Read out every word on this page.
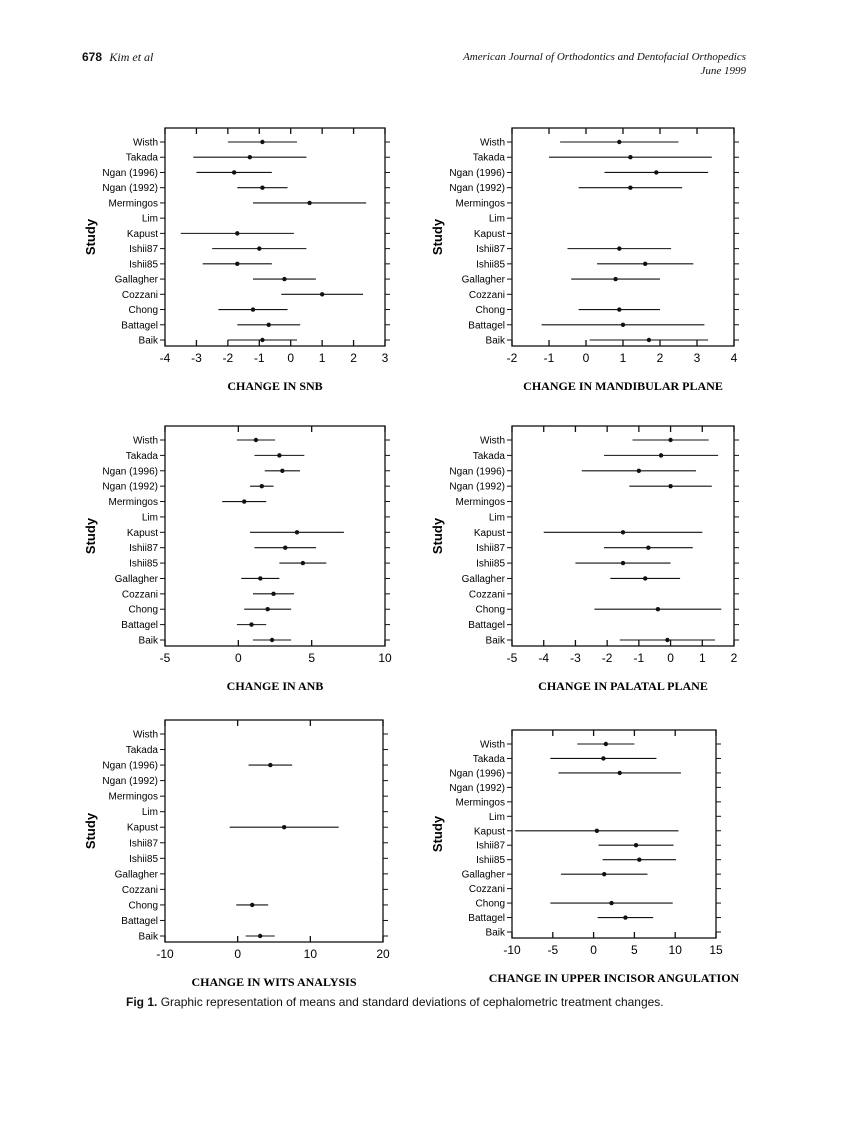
678 Kim et al	American Journal of Orthodontics and Dentofacial Orthopedics
June 1999
-4 -3 -2 -1 0 1 2 3
Wisth
Takada
Ngan (1996)
Ngan (1992)
Mermingos
Lim
Kapust
Ishii87
Ishii85
Gallagher
Cozzani
Chong
Battagel
Baik
Study
CHANGE IN SNB
-2 -1 0	1	2	3	4
Wisth
Takada
Ngan (1996)
Ngan (1992)
Mermingos
Lim
Kapust
Ishii87
Ishii85
Gallagher
Cozzani
Chong
Battagel
Baik
Study
CHANGE IN MANDIBULAR PLANE
-5	0	5	10
Wisth
Takada
Ngan (1996)
Ngan (1992)
Mermingos
Lim
Kapust
Ishii87
Ishii85
Gallagher
Cozzani
Chong
Battagel
Baik
Study
CHANGE IN ANB
-5 -4 -3 -2 -1 0 1 2
Wisth
Takada
Ngan (1996)
Ngan (1992)
Mermingos
Lim
Kapust
Ishii87
Ishii85
Gallagher
Cozzani
Chong
Battagel
Baik
Study
CHANGE IN PALATAL PLANE
-10	0	10	20
Wisth
Takada
Ngan (1996)
Ngan (1992)
Mermingos
Lim
Kapust
Ishii87
Ishii85
Gallagher
Cozzani
Chong
Battagel
Baik
Study
CHANGE IN WITS ANALYSIS
-10 -5	0	5	10 15
Wisth
Takada
Ngan (1996)
Ngan (1992)
Mermingos
Lim
Kapust
Ishii87
Ishii85
Gallagher
Cozzani
Chong
Battagel
Baik
Study
CHANGE IN UPPER INCISOR ANGULATION
Fig 1. Graphic representation of means and standard deviations of cephalometric treatment changes.
